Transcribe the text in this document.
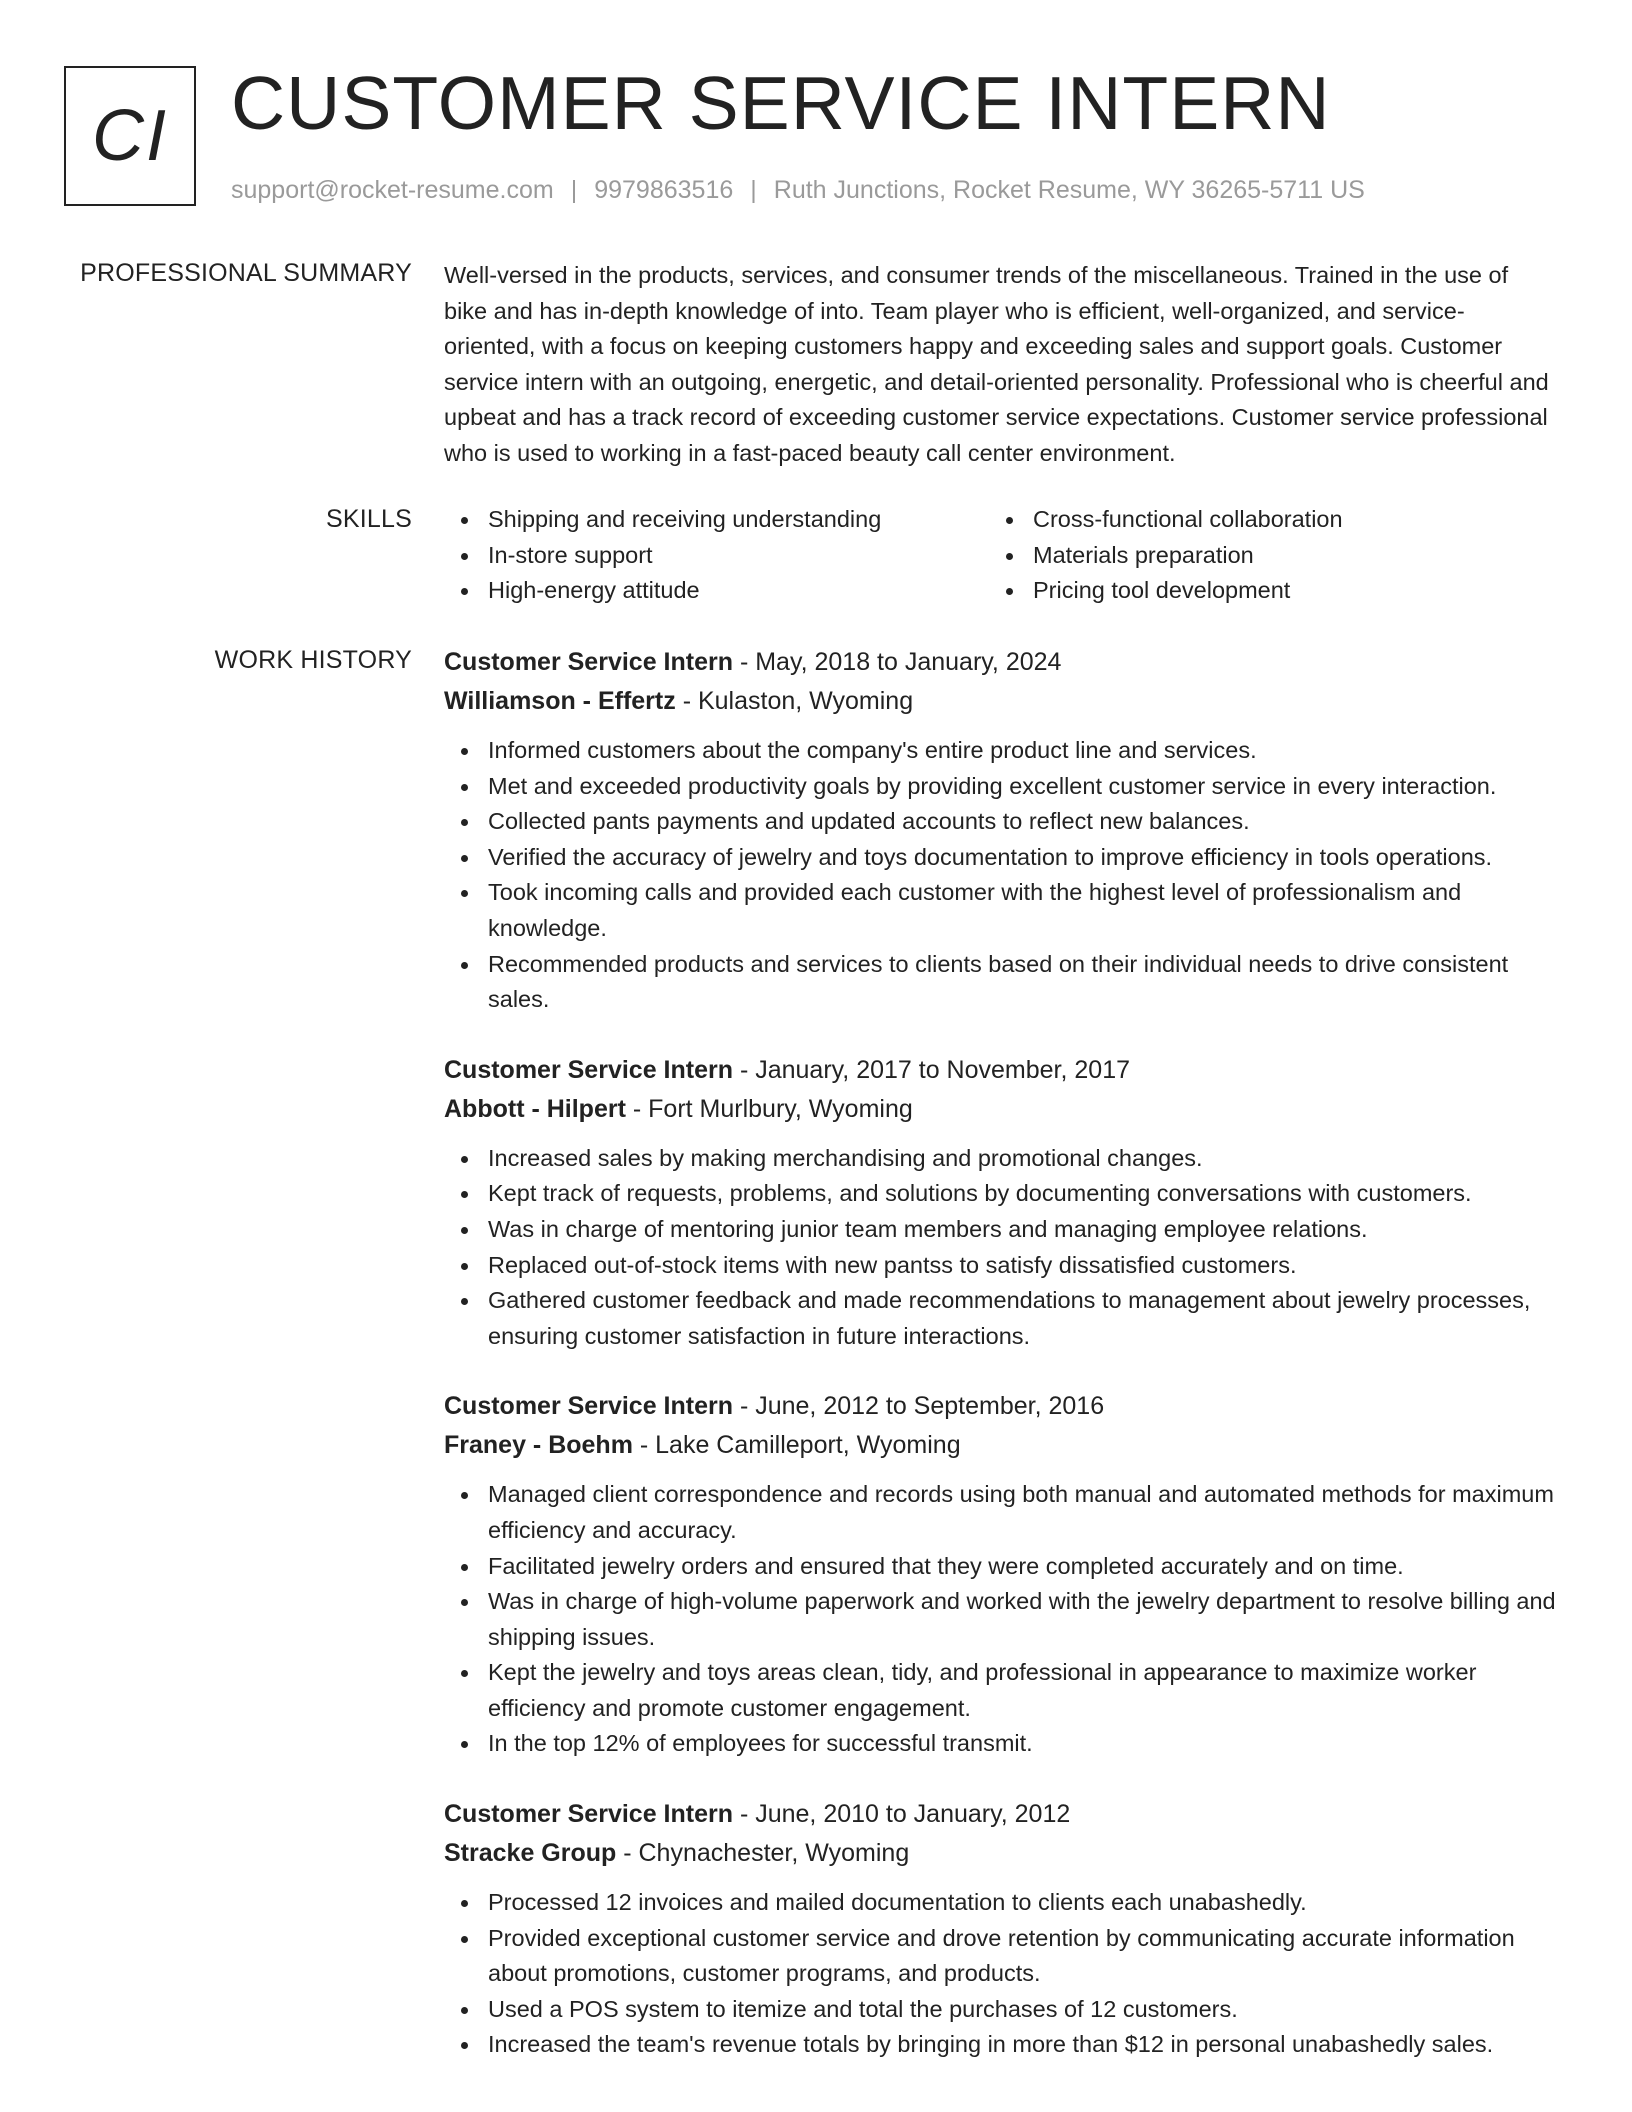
CI CUSTOMER SERVICE INTERN
support@rocket-resume.com | 9979863516 | Ruth Junctions, Rocket Resume, WY 36265-5711 US
PROFESSIONAL SUMMARY Well-versed in the products, services, and consumer trends of the miscellaneous. Trained in the use of bike and has in-depth knowledge of into. Team player who is efficient, well-organized, and service-oriented, with a focus on keeping customers happy and exceeding sales and support goals. Customer service intern with an outgoing, energetic, and detail-oriented personality. Professional who is cheerful and upbeat and has a track record of exceeding customer service expectations. Customer service professional who is used to working in a fast-paced beauty call center environment.

SKILLS	Shipping and receiving understanding
In-store support
High-energy attitude
Cross-functional collaboration
Materials preparation
Pricing tool development
WORK HISTORY Customer Service Intern - May, 2018 to January, 2024
Williamson - Effertz - Kulaston, Wyoming
Informed customers about the company's entire product line and services.
Met and exceeded productivity goals by providing excellent customer service in every interaction.
Collected pants payments and updated accounts to reflect new balances.
Verified the accuracy of jewelry and toys documentation to improve efficiency in tools operations.
Took incoming calls and provided each customer with the highest level of professionalism and knowledge.
Recommended products and services to clients based on their individual needs to drive consistent sales.
Customer Service Intern - January, 2017 to November, 2017
Abbott - Hilpert - Fort Murlbury, Wyoming
Increased sales by making merchandising and promotional changes.
Kept track of requests, problems, and solutions by documenting conversations with customers.
Was in charge of mentoring junior team members and managing employee relations.
Replaced out-of-stock items with new pantss to satisfy dissatisfied customers.
Gathered customer feedback and made recommendations to management about jewelry processes, ensuring customer satisfaction in future interactions.
Customer Service Intern - June, 2012 to September, 2016
Franey - Boehm - Lake Camilleport, Wyoming
Managed client correspondence and records using both manual and automated methods for maximum efficiency and accuracy.
Facilitated jewelry orders and ensured that they were completed accurately and on time.
Was in charge of high-volume paperwork and worked with the jewelry department to resolve billing and shipping issues.
Kept the jewelry and toys areas clean, tidy, and professional in appearance to maximize worker efficiency and promote customer engagement.
In the top 12% of employees for successful transmit.
Customer Service Intern - June, 2010 to January, 2012
Stracke Group - Chynachester, Wyoming
Processed 12 invoices and mailed documentation to clients each unabashedly.
Provided exceptional customer service and drove retention by communicating accurate information about promotions, customer programs, and products.
Used a POS system to itemize and total the purchases of 12 customers.
Increased the team's revenue totals by bringing in more than $12 in personal unabashedly sales.
